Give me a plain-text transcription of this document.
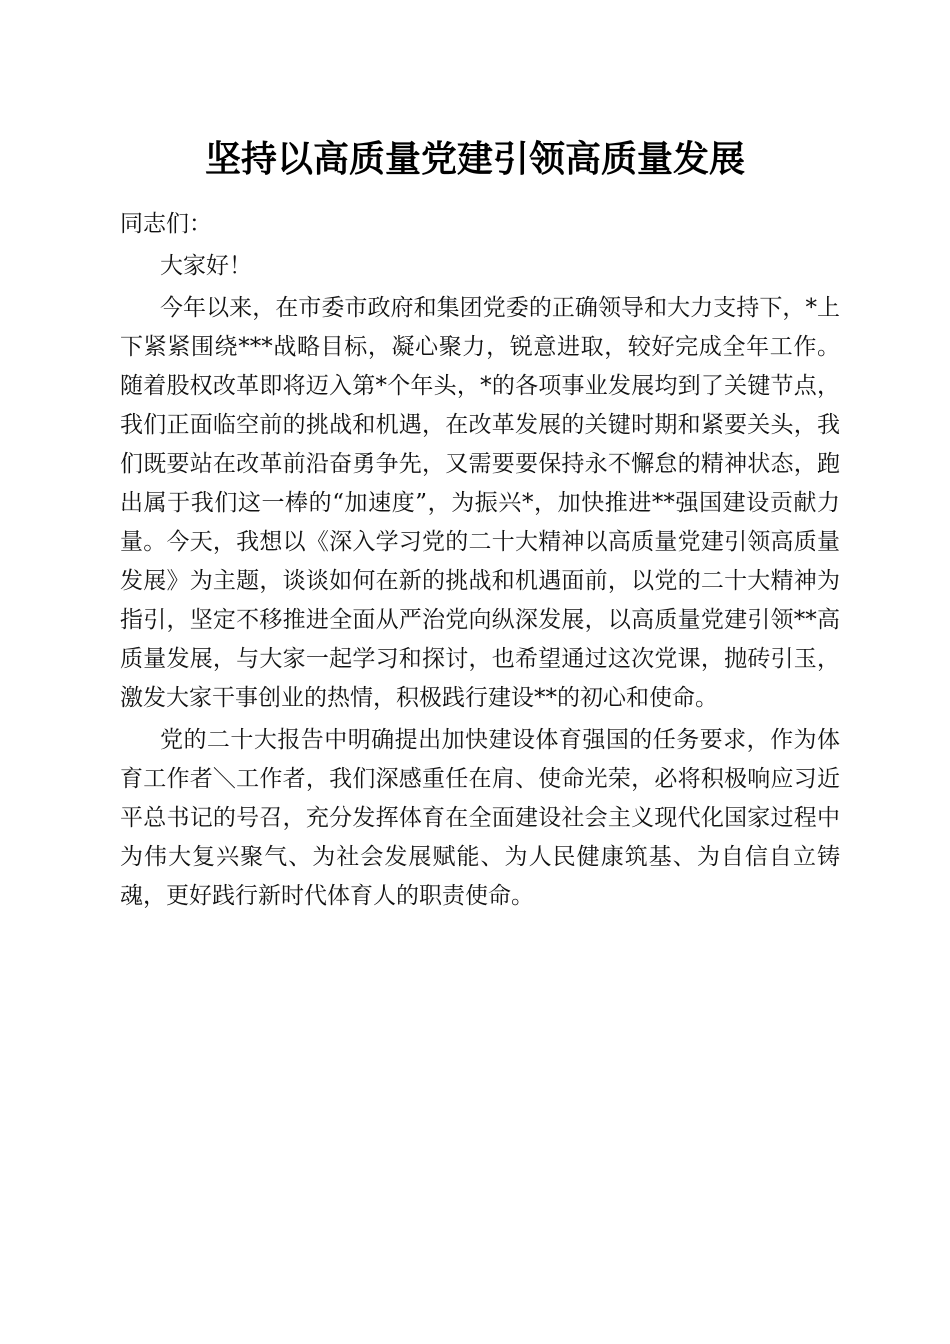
坚持以高质量党建引领高质量发展

同志们：

大家好！

今年以来，在市委市政府和集团党委的正确领导和大力支持下，*上下紧紧围绕***战略目标，凝心聚力，锐意进取，较好完成全年工作。随着股权改革即将迈入第*个年头，*的各项事业发展均到了关键节点，我们正面临空前的挑战和机遇，在改革发展的关键时期和紧要关头，我们既要站在改革前沿奋勇争先，又需要要保持永不懈怠的精神状态，跑出属于我们这一棒的“加速度”，为振兴*，加快推进**强国建设贡献力量。今天，我想以《深入学习党的二十大精神以高质量党建引领高质量发展》为主题，谈谈如何在新的挑战和机遇面前，以党的二十大精神为指引，坚定不移推进全面从严治党向纵深发展，以高质量党建引领**高质量发展，与大家一起学习和探讨，也希望通过这次党课，抛砖引玉，激发大家干事创业的热情，积极践行建设**的初心和使命。

党的二十大报告中明确提出加快建设体育强国的任务要求，作为体育工作者＼工作者，我们深感重任在肩、使命光荣，必将积极响应习近平总书记的号召，充分发挥体育在全面建设社会主义现代化国家过程中为伟大复兴聚气、为社会发展赋能、为人民健康筑基、为自信自立铸魂，更好践行新时代体育人的职责使命。
